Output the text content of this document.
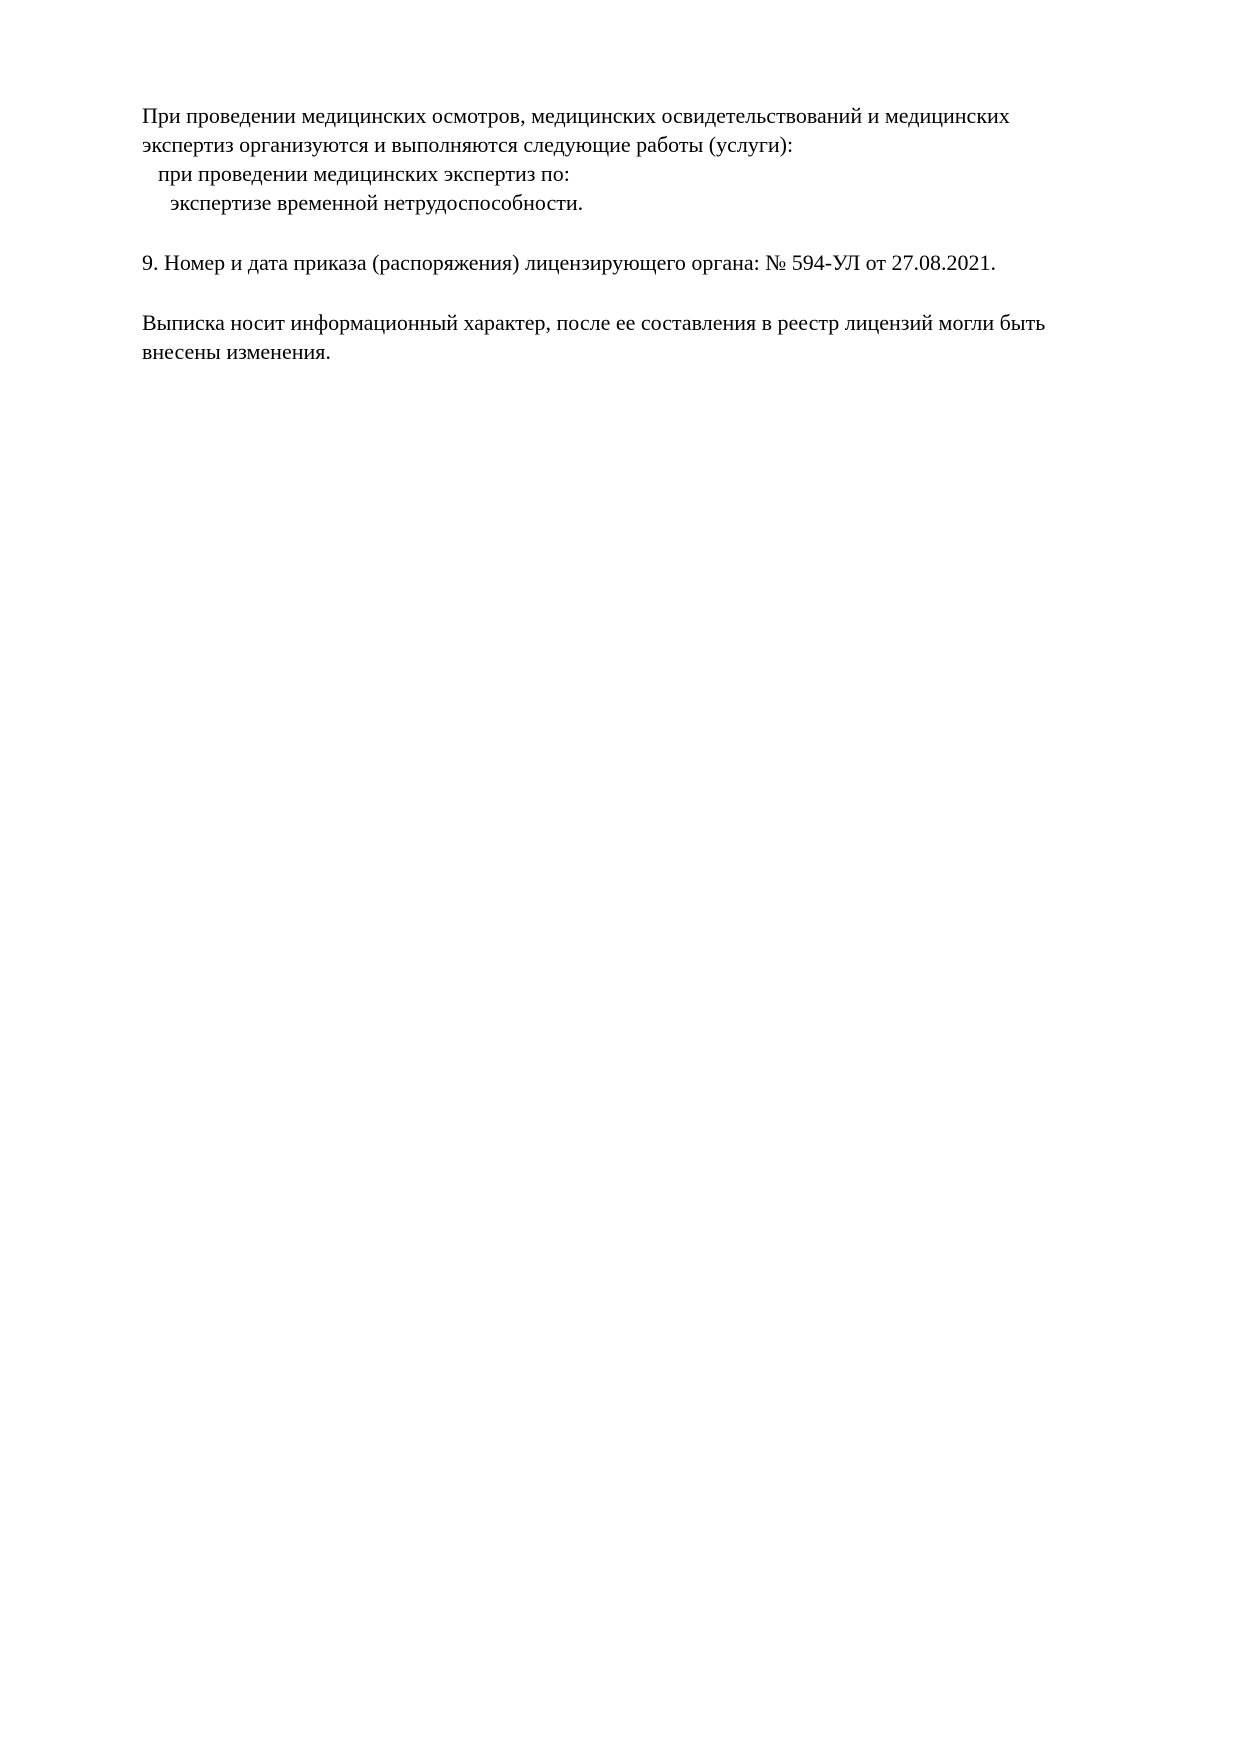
При проведении медицинских осмотров, медицинских освидетельствований и медицинских
экспертиз организуются и выполняются следующие работы (услуги):
при проведении медицинских экспертиз по:
экспертизе временной нетрудоспособности.

9. Номер и дата приказа (распоряжения) лицензирующего органа: № 594-УЛ от 27.08.2021.

Выписка носит информационный характер, после ее составления в реестр лицензий могли быть
внесены изменения.
